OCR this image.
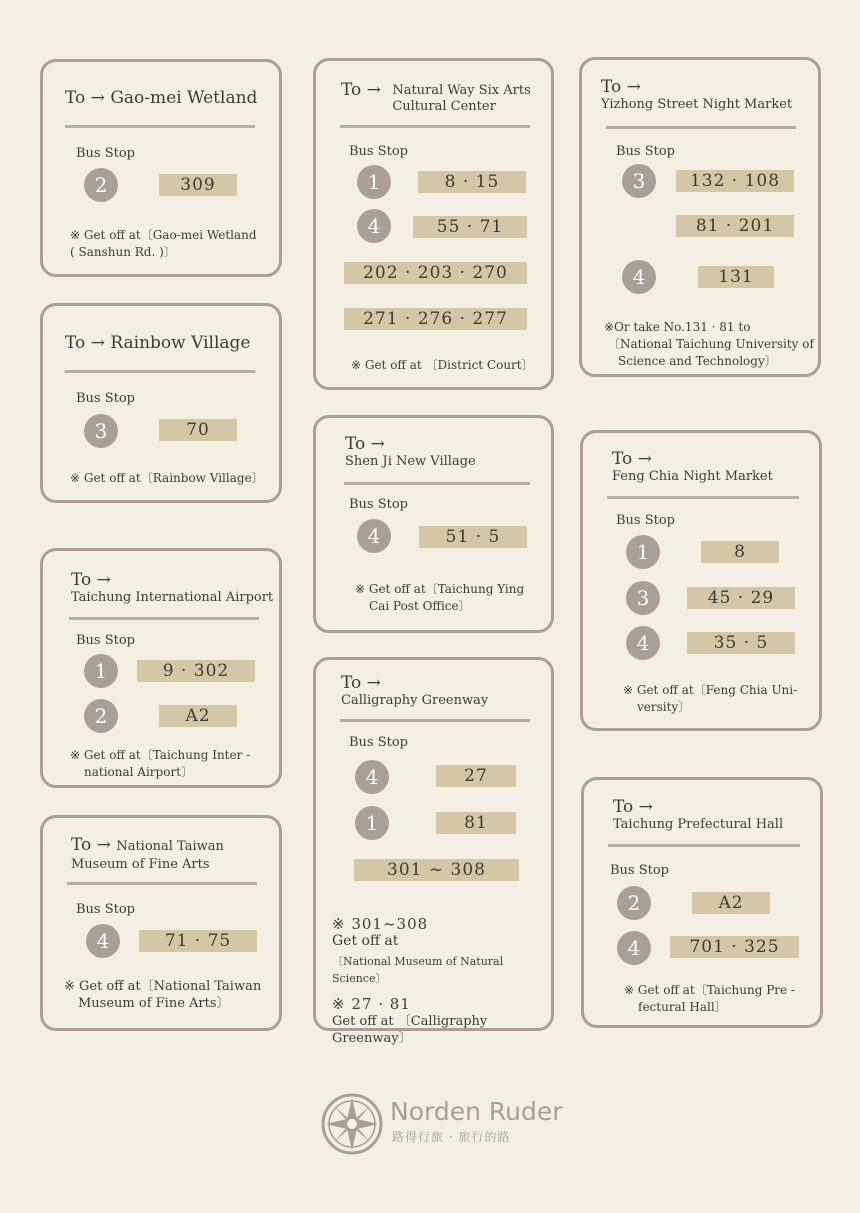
To → Gao-mei Wetland
Bus Stop
2	309
※ Get off at〔Gao-mei Wetland
( Sanshun Rd. )〕
To → Rainbow Village
Bus Stop
3	70
※ Get off at〔Rainbow Village〕
To →
Taichung International Airport
Bus Stop
1	9 · 302
2	A2
※ Get off at〔Taichung Inter -
national Airport〕
To → National Taiwan
Museum of Fine Arts
Bus Stop
4	71 · 75
※ Get off at〔National Taiwan
Museum of Fine Arts〕
To → Natural Way Six Arts
Cultural Center
Bus Stop
1	8 · 15
4	55 · 71
202 · 203 · 270
271 · 276 · 277
※ Get off at 〔District Court〕
To →
Shen Ji New Village
Bus Stop
4	51 · 5
※ Get off at〔Taichung Ying
Cai Post Office〕
To →
Calligraphy Greenway
Bus Stop
4	27
1	81
301 ~ 308
※ 301~308
Get off at
〔National Museum of Natural Science〕
※ 27 · 81
Get off at 〔Calligraphy Greenway〕
To →
Yizhong Street Night Market
Bus Stop
3	132 · 108
81 · 201
4	131
※Or take No.131 · 81 to
〔National Taichung University of
Science and Technology〕
To →
Feng Chia Night Market
Bus Stop
1	8
3	45 · 29
4	35 · 5
※ Get off at〔Feng Chia Uni-
versity〕
To →
Taichung Prefectural Hall
Bus Stop
2	A2
4	701 · 325
※ Get off at〔Taichung Pre -
fectural Hall〕
Norden Ruder
路得行旅 · 旅行的路
